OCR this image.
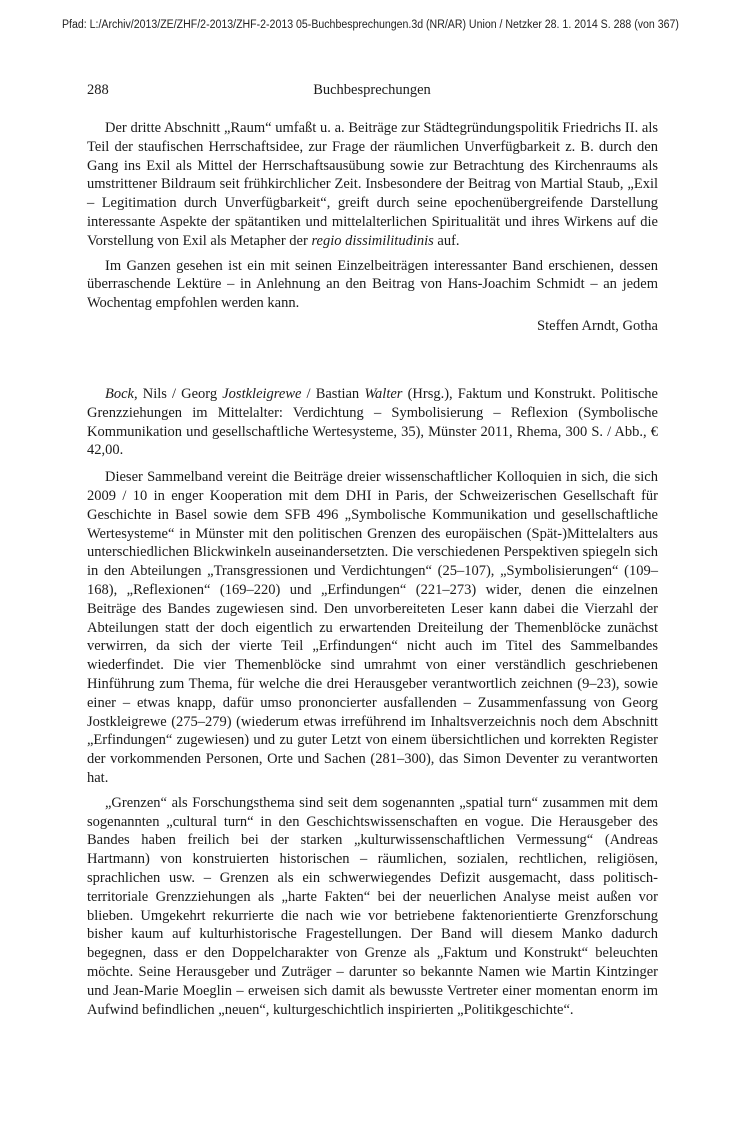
Pfad: L:/Archiv/2013/ZE/ZHF/2-2013/ZHF-2-2013 05-Buchbesprechungen.3d (NR/AR) Union / Netzker 28. 1. 2014 S. 288 (von 367)
288	Buchbesprechungen

Der dritte Abschnitt „Raum“ umfaßt u. a. Beiträge zur Städtegründungspolitik Friedrichs II. als Teil der staufischen Herrschaftsidee, zur Frage der räumlichen Unverfügbarkeit z. B. durch den Gang ins Exil als Mittel der Herrschaftsausübung sowie zur Betrachtung des Kirchenraums als umstrittener Bildraum seit frühkirchlicher Zeit. Insbesondere der Beitrag von Martial Staub, „Exil – Legitimation durch Unverfügbarkeit“, greift durch seine epochenübergreifende Darstellung interessante Aspekte der spätantiken und mittelalterlichen Spiritualität und ihres Wirkens auf die Vorstellung von Exil als Metapher der regio dissimilitudinis auf.

Im Ganzen gesehen ist ein mit seinen Einzelbeiträgen interessanter Band erschienen, dessen überraschende Lektüre – in Anlehnung an den Beitrag von Hans-Joachim Schmidt – an jedem Wochentag empfohlen werden kann.

Steffen Arndt, Gotha

Bock, Nils / Georg Jostkleigrewe / Bastian Walter (Hrsg.), Faktum und Konstrukt. Politische Grenzziehungen im Mittelalter: Verdichtung – Symbolisierung – Reflexion (Symbolische Kommunikation und gesellschaftliche Wertesysteme, 35), Münster 2011, Rhema, 300 S. / Abb., € 42,00.

Dieser Sammelband vereint die Beiträge dreier wissenschaftlicher Kolloquien in sich, die sich 2009 / 10 in enger Kooperation mit dem DHI in Paris, der Schweizerischen Gesellschaft für Geschichte in Basel sowie dem SFB 496 „Symbolische Kommunikation und gesellschaftliche Wertesysteme“ in Münster mit den politischen Grenzen des europäischen (Spät-)Mittelalters aus unterschiedlichen Blickwinkeln auseinandersetzten. Die verschiedenen Perspektiven spiegeln sich in den Abteilungen „Transgressionen und Verdichtungen“ (25–107), „Symbolisierungen“ (109–168), „Reflexionen“ (169–220) und „Erfindungen“ (221–273) wider, denen die einzelnen Beiträge des Bandes zugewiesen sind. Den unvorbereiteten Leser kann dabei die Vierzahl der Abteilungen statt der doch eigentlich zu erwartenden Dreiteilung der Themenblöcke zunächst verwirren, da sich der vierte Teil „Erfindungen“ nicht auch im Titel des Sammelbandes wiederfindet. Die vier Themenblöcke sind umrahmt von einer verständlich geschriebenen Hinführung zum Thema, für welche die drei Herausgeber verantwortlich zeichnen (9–23), sowie einer – etwas knapp, dafür umso prononcierter ausfallenden – Zusammenfassung von Georg Jostkleigrewe (275–279) (wiederum etwas irreführend im Inhaltsverzeichnis noch dem Abschnitt „Erfindungen“ zugewiesen) und zu guter Letzt von einem übersichtlichen und korrekten Register der vorkommenden Personen, Orte und Sachen (281–300), das Simon Deventer zu verantworten hat.

„Grenzen“ als Forschungsthema sind seit dem sogenannten „spatial turn“ zusammen mit dem sogenannten „cultural turn“ in den Geschichtswissenschaften en vogue. Die Herausgeber des Bandes haben freilich bei der starken „kulturwissenschaftlichen Vermessung“ (Andreas Hartmann) von konstruierten historischen – räumlichen, sozialen, rechtlichen, religiösen, sprachlichen usw. – Grenzen als ein schwerwiegendes Defizit ausgemacht, dass politisch-territoriale Grenzziehungen als „harte Fakten“ bei der neuerlichen Analyse meist außen vor blieben. Umgekehrt rekurrierte die nach wie vor betriebene faktenorientierte Grenzforschung bisher kaum auf kulturhistorische Fragestellungen. Der Band will diesem Manko dadurch begegnen, dass er den Doppelcharakter von Grenze als „Faktum und Konstrukt“ beleuchten möchte. Seine Herausgeber und Zuträger – darunter so bekannte Namen wie Martin Kintzinger und Jean-Marie Moeglin – erweisen sich damit als bewusste Vertreter einer momentan enorm im Aufwind befindlichen „neuen“, kulturgeschichtlich inspirierten „Politikgeschichte“.
